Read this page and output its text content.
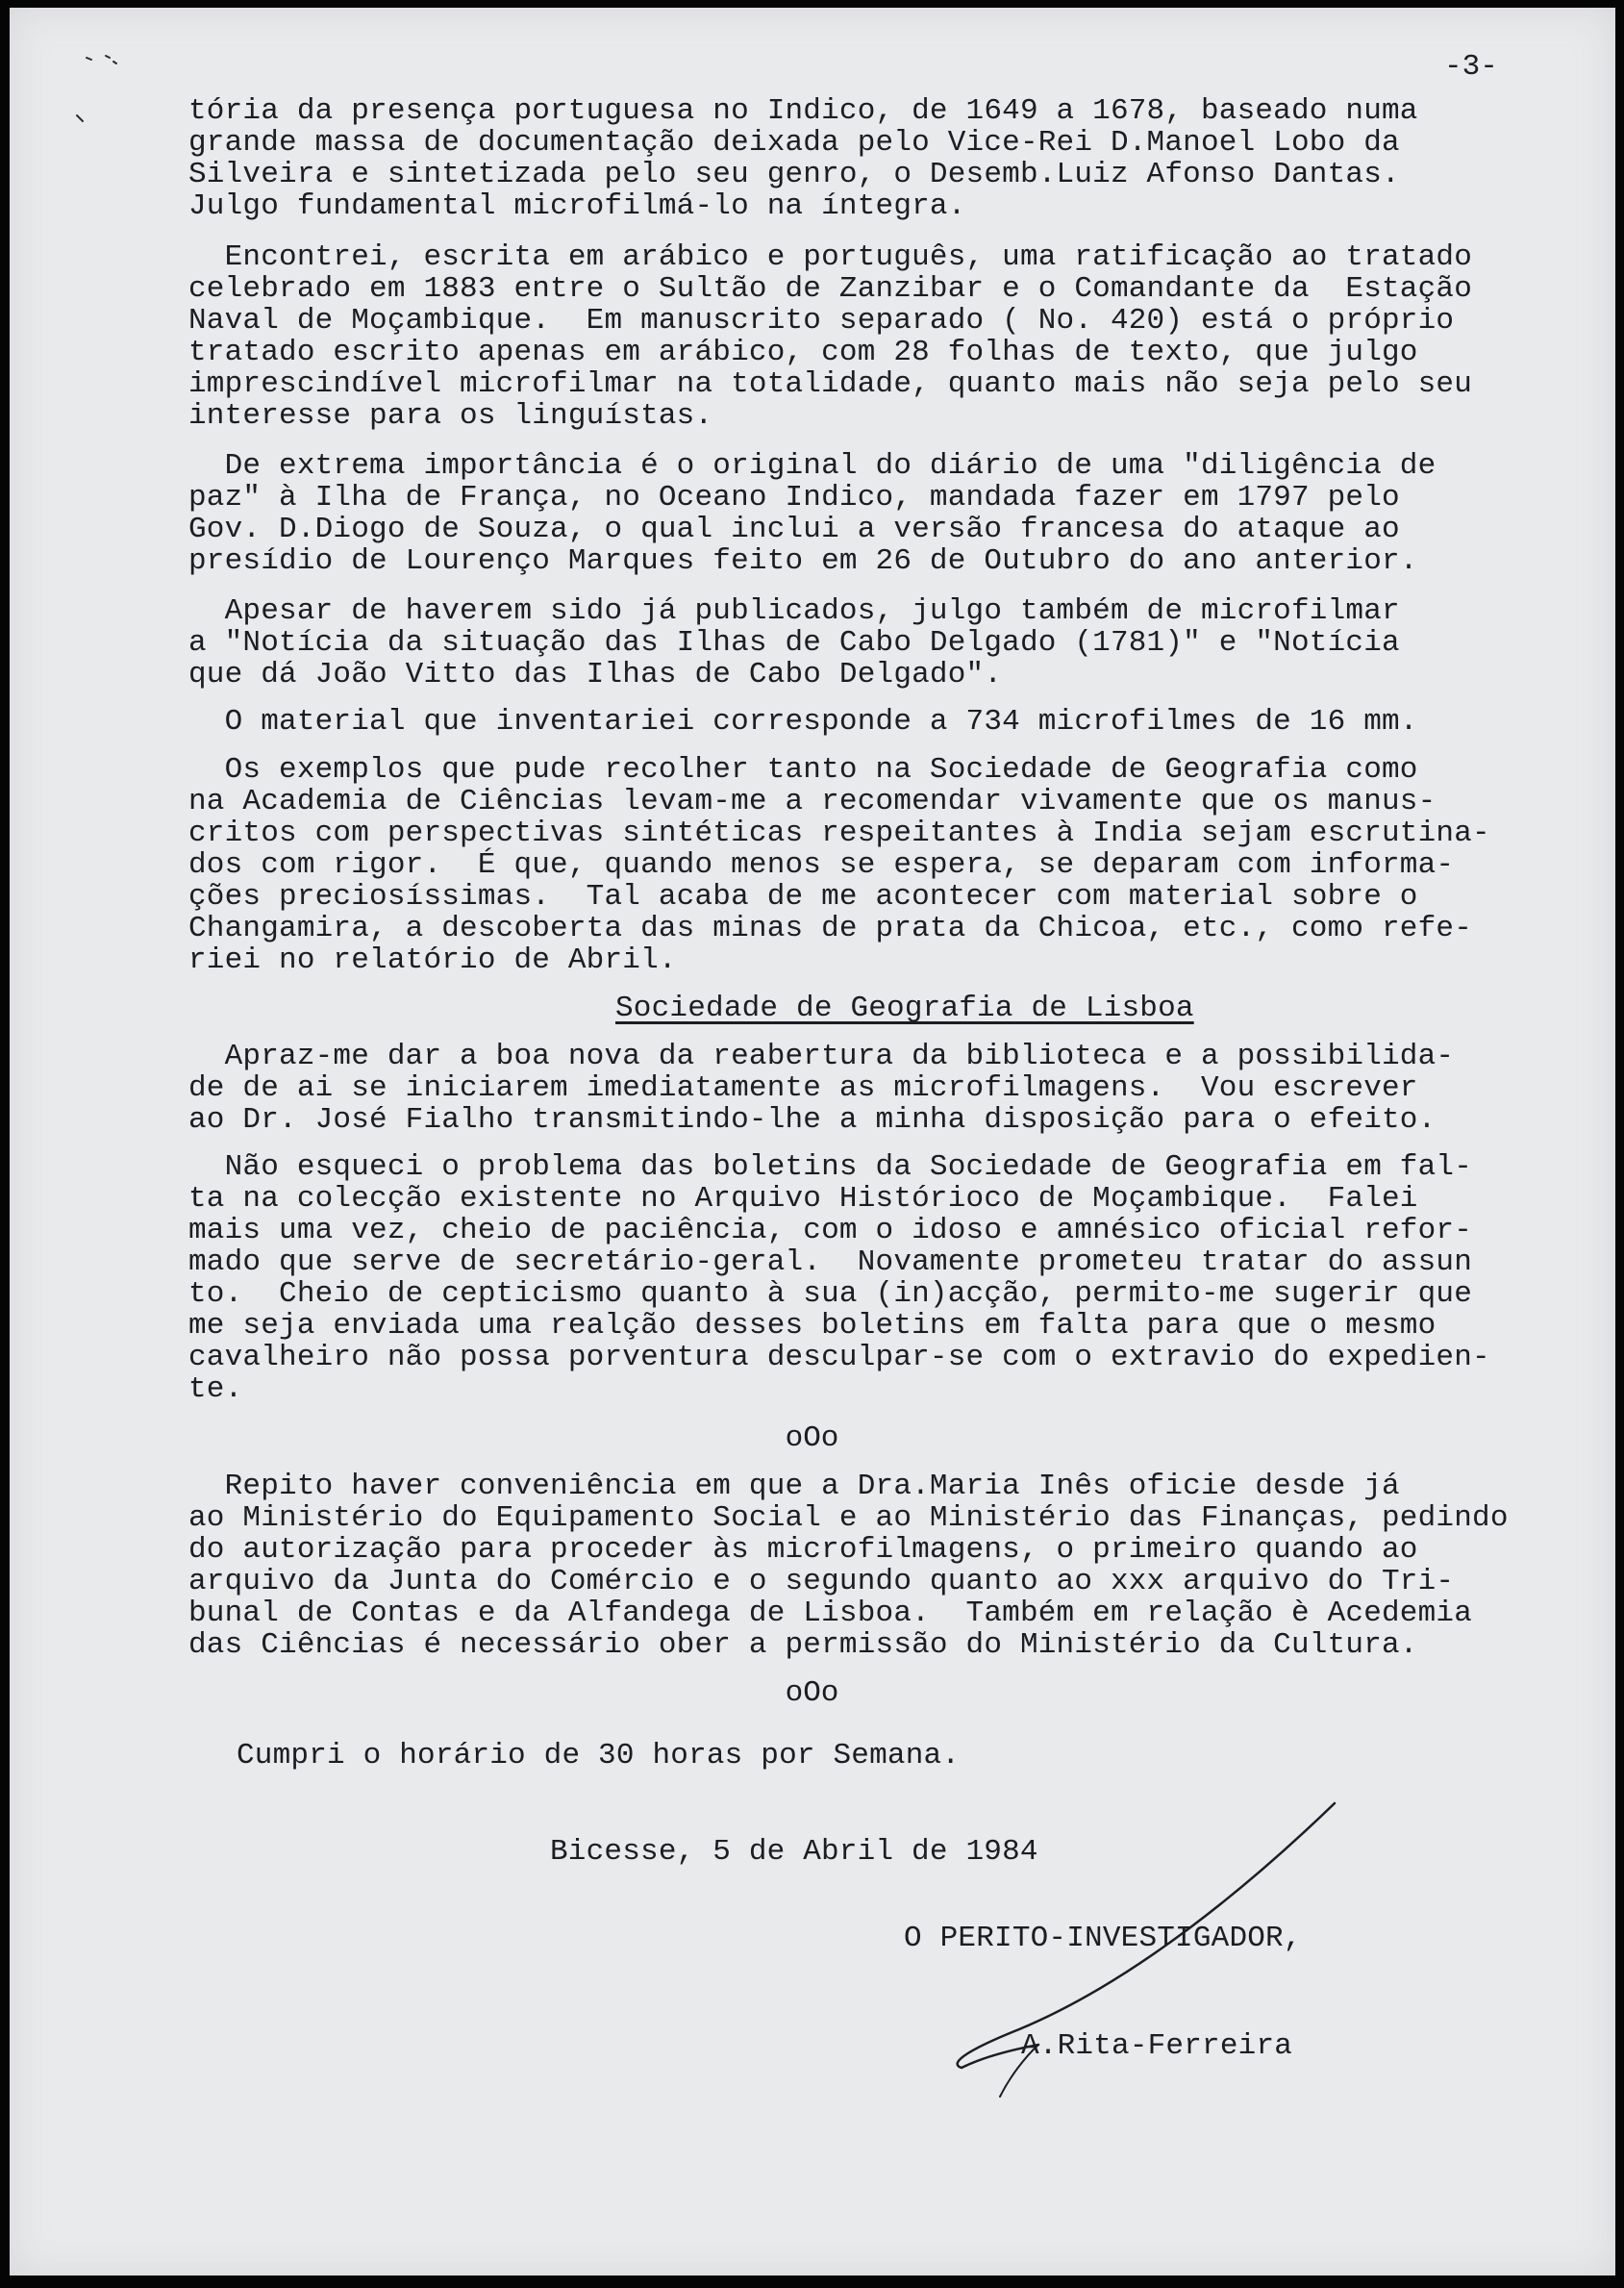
-3-
tória da presença portuguesa no Indico, de 1649 a 1678, baseado numa
grande massa de documentação deixada pelo Vice-Rei D.Manoel Lobo da
Silveira e sintetizada pelo seu genro, o Desemb.Luiz Afonso Dantas.
Julgo fundamental microfilmá-lo na íntegra.
Encontrei, escrita em arábico e português, uma ratificação ao tratado
celebrado em 1883 entre o Sultão de Zanzibar e o Comandante da  Estação
Naval de Moçambique.  Em manuscrito separado ( No. 420) está o próprio
tratado escrito apenas em arábico, com 28 folhas de texto, que julgo
imprescindível microfilmar na totalidade, quanto mais não seja pelo seu
interesse para os linguístas.
De extrema importância é o original do diário de uma "diligência de
paz" à Ilha de França, no Oceano Indico, mandada fazer em 1797 pelo
Gov. D.Diogo de Souza, o qual inclui a versão francesa do ataque ao
presídio de Lourenço Marques feito em 26 de Outubro do ano anterior.
Apesar de haverem sido já publicados, julgo também de microfilmar
a "Notícia da situação das Ilhas de Cabo Delgado (1781)" e "Notícia
que dá João Vitto das Ilhas de Cabo Delgado".
O material que inventariei corresponde a 734 microfilmes de 16 mm.
Os exemplos que pude recolher tanto na Sociedade de Geografia como
na Academia de Ciências levam-me a recomendar vivamente que os manus-
critos com perspectivas sintéticas respeitantes à India sejam escrutina-
dos com rigor.  É que, quando menos se espera, se deparam com informa-
ções preciosíssimas.  Tal acaba de me acontecer com material sobre o
Changamira, a descoberta das minas de prata da Chicoa, etc., como refe-
riei no relatório de Abril.
Sociedade de Geografia de Lisboa
Apraz-me dar a boa nova da reabertura da biblioteca e a possibilida-
de de ai se iniciarem imediatamente as microfilmagens.  Vou escrever
ao Dr. José Fialho transmitindo-lhe a minha disposição para o efeito.
Não esqueci o problema das boletins da Sociedade de Geografia em fal-
ta na colecção existente no Arquivo Histórioco de Moçambique.  Falei
mais uma vez, cheio de paciência, com o idoso e amnésico oficial refor-
mado que serve de secretário-geral.  Novamente prometeu tratar do assun
to.  Cheio de cepticismo quanto à sua (in)acção, permito-me sugerir que
me seja enviada uma realção desses boletins em falta para que o mesmo
cavalheiro não possa porventura desculpar-se com o extravio do expedien-
te.
oOo
Repito haver conveniência em que a Dra.Maria Inês oficie desde já
ao Ministério do Equipamento Social e ao Ministério das Finanças, pedindo
do autorização para proceder às microfilmagens, o primeiro quando ao
arquivo da Junta do Comércio e o segundo quanto ao xxx arquivo do Tri-
bunal de Contas e da Alfandega de Lisboa.  Também em relação è Acedemia
das Ciências é necessário ober a permissão do Ministério da Cultura.
oOo
Cumpri o horário de 30 horas por Semana.
Bicesse, 5 de Abril de 1984
O PERITO-INVESTIGADOR,
A.Rita-Ferreira
